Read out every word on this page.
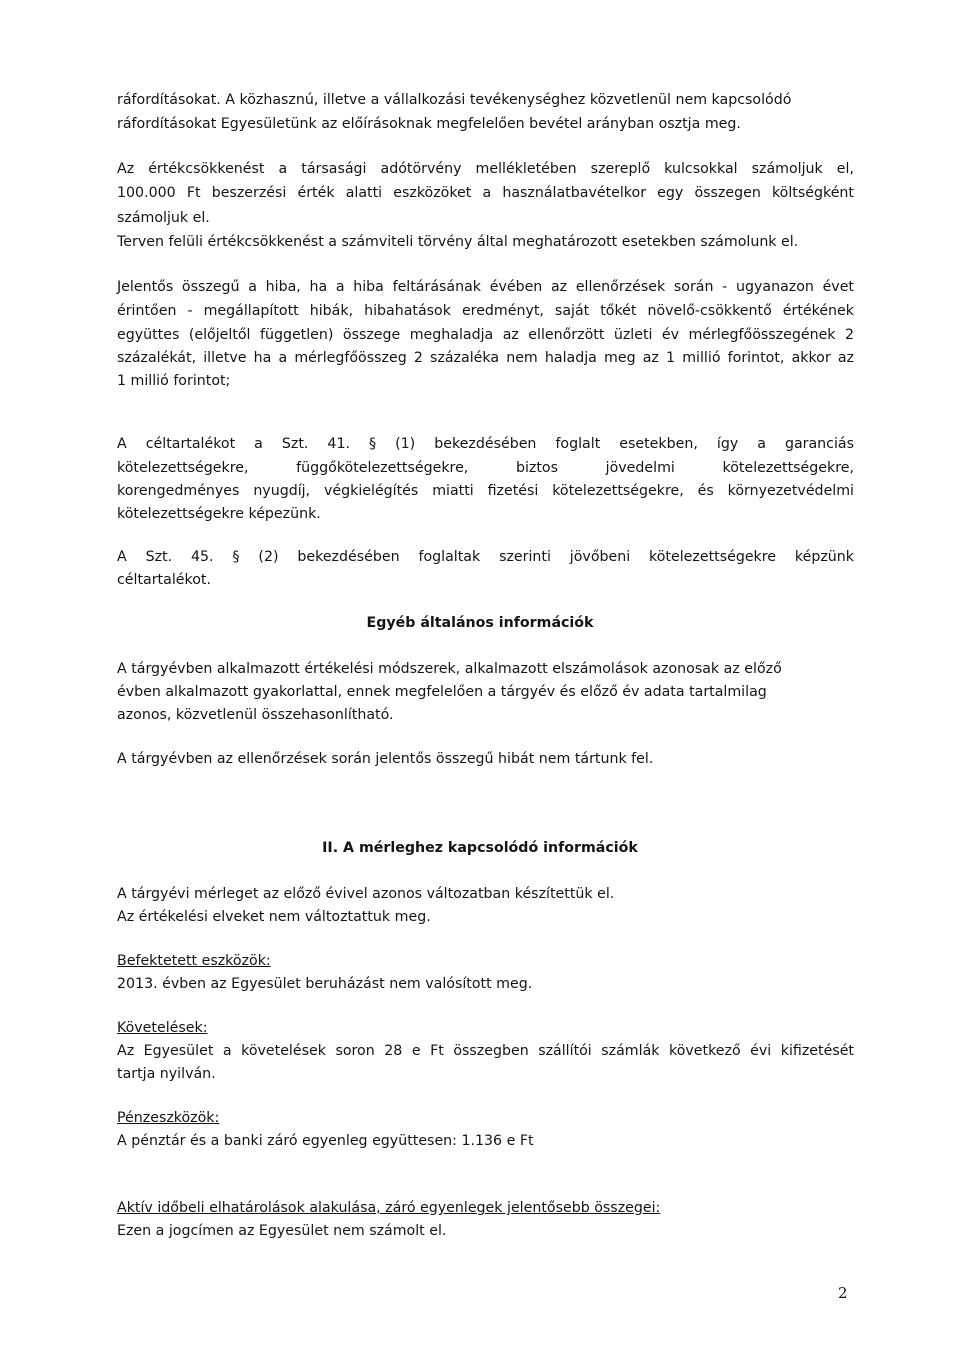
ráfordításokat. A közhasznú, illetve a vállalkozási tevékenységhez közvetlenül nem kapcsolódó
ráfordításokat Egyesületünk az előírásoknak megfelelően bevétel arányban osztja meg.
Az értékcsökkenést a társasági adótörvény mellékletében szereplő kulcsokkal számoljuk el,
100.000 Ft beszerzési érték alatti eszközöket a használatbavételkor egy összegen költségként
számoljuk el.
Terven felüli értékcsökkenést a számviteli törvény által meghatározott esetekben számolunk el.
Jelentős összegű a hiba, ha a hiba feltárásának évében az ellenőrzések során - ugyanazon évet
érintően - megállapított hibák, hibahatások eredményt, saját tőkét növelő-csökkentő értékének
együttes (előjeltől független) összege meghaladja az ellenőrzött üzleti év mérlegfőösszegének 2
százalékát, illetve ha a mérlegfőösszeg 2 százaléka nem haladja meg az 1 millió forintot, akkor az
1 millió forintot;
A céltartalékot a Szt. 41. § (1) bekezdésében foglalt esetekben, így a garanciás
kötelezettségekre, függőkötelezettségekre, biztos jövedelmi kötelezettségekre,
korengedményes nyugdíj, végkielégítés miatti fizetési kötelezettségekre, és környezetvédelmi
kötelezettségekre képezünk.
A Szt. 45. § (2) bekezdésében foglaltak szerinti jövőbeni kötelezettségekre képzünk
céltartalékot.
Egyéb általános információk
A tárgyévben alkalmazott értékelési módszerek, alkalmazott elszámolások azonosak az előző
évben alkalmazott gyakorlattal, ennek megfelelően a tárgyév és előző év adata tartalmilag
azonos, közvetlenül összehasonlítható.
A tárgyévben az ellenőrzések során jelentős összegű hibát nem tártunk fel.
II. A mérleghez kapcsolódó információk
A tárgyévi mérleget az előző évivel azonos változatban készítettük el.
Az értékelési elveket nem változtattuk meg.
Befektetett eszközök:
2013. évben az Egyesület beruházást nem valósított meg.
Követelések:
Az Egyesület a követelések soron 28 e Ft összegben szállítói számlák következő évi kifizetését
tartja nyilván.
Pénzeszközök:
A pénztár és a banki záró egyenleg együttesen: 1.136 e Ft
Aktív időbeli elhatárolások alakulása, záró egyenlegek jelentősebb összegei:
Ezen a jogcímen az Egyesület nem számolt el.
2
